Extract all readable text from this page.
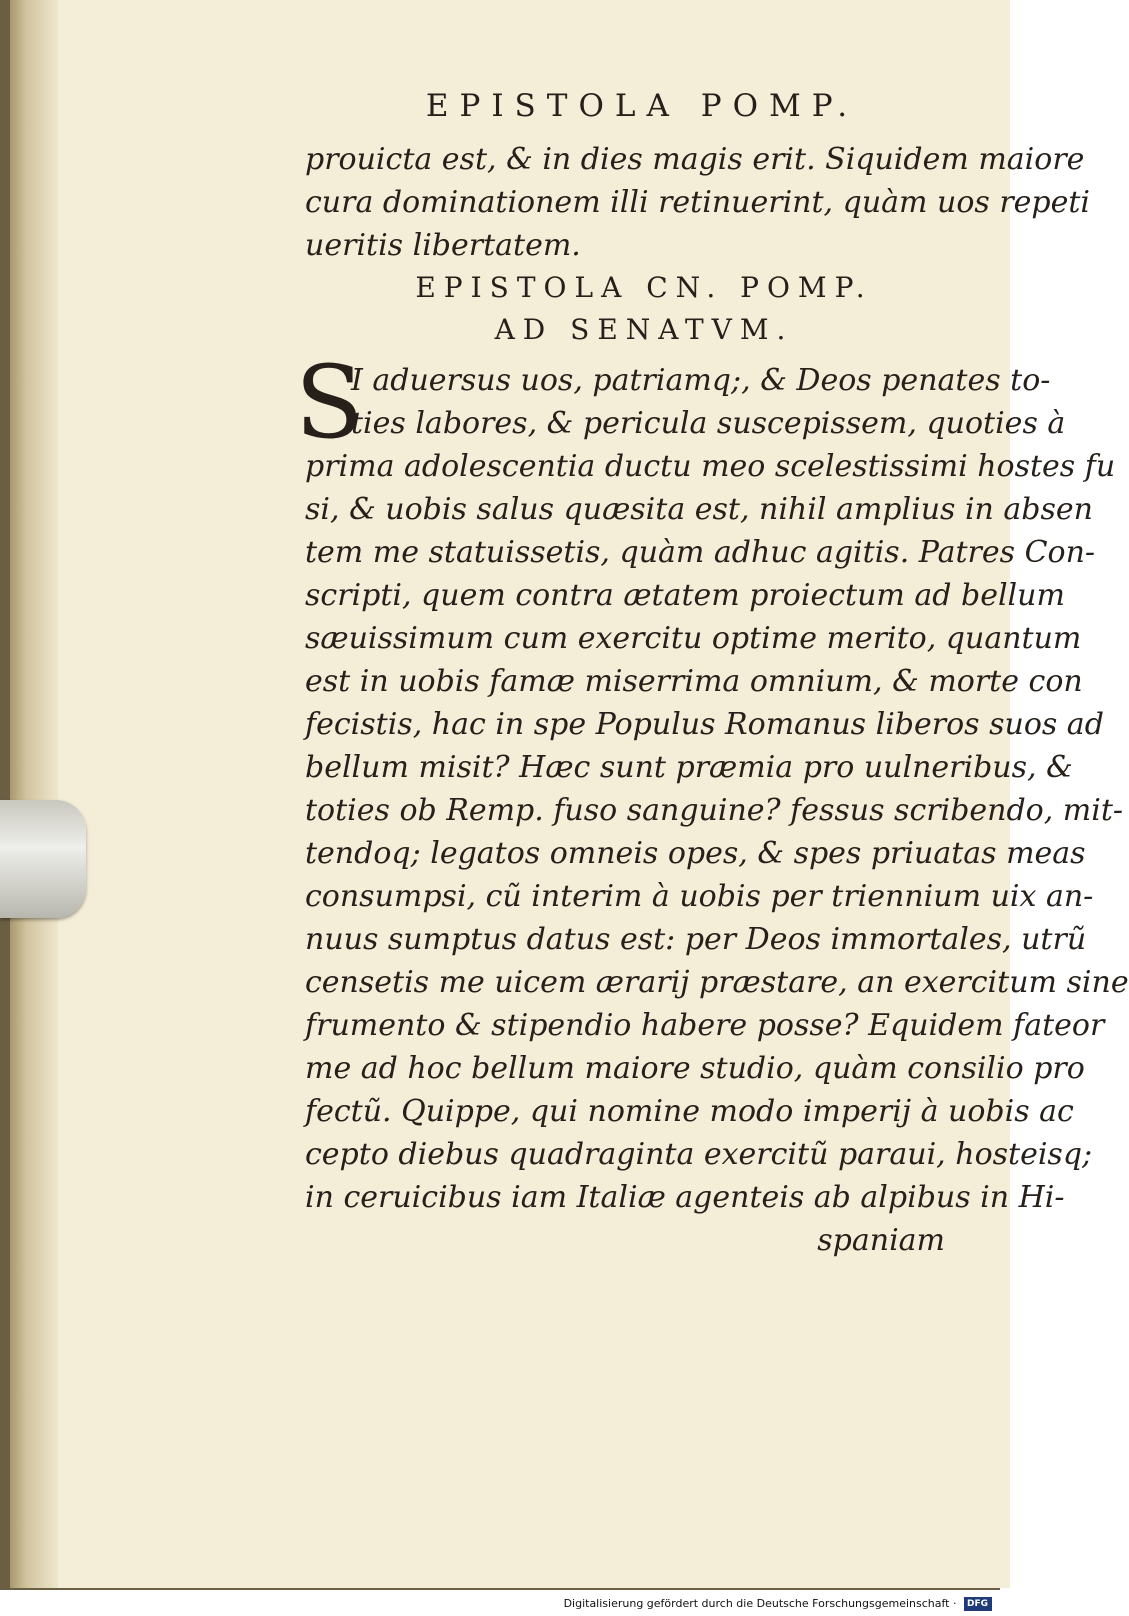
EPISTOLA POMP.
prouicta est, & in dies magis erit. Siquidem maiore
cura dominationem illi retinuerint, quàm uos repeti
ueritis libertatem.
EPISTOLA CN. POMP.
AD SENATVM.
S
I aduersus uos, patriamq;, & Deos penates to-
ties labores, & pericula suscepissem, quoties à
prima adolescentia ductu meo scelestissimi hostes fu
si, & uobis salus quæsita est, nihil amplius in absen
tem me statuissetis, quàm adhuc agitis. Patres Con-
scripti, quem contra ætatem proiectum ad bellum
sæuissimum cum exercitu optime merito, quantum
est in uobis famæ miserrima omnium, & morte con
fecistis, hac in spe Populus Romanus liberos suos ad
bellum misit? Hæc sunt præmia pro uulneribus, &
toties ob Remp. fuso sanguine? fessus scribendo, mit-
tendoq; legatos omneis opes, & spes priuatas meas
consumpsi, cũ interim à uobis per triennium uix an-
nuus sumptus datus est: per Deos immortales, utrũ
censetis me uicem ærarij præstare, an exercitum sine
frumento & stipendio habere posse? Equidem fateor
me ad hoc bellum maiore studio, quàm consilio pro
fectũ. Quippe, qui nomine modo imperij à uobis ac
cepto diebus quadraginta exercitũ paraui, hosteisq;
in ceruicibus iam Italiæ agenteis ab alpibus in Hi-
spaniam
Digitalisierung gefördert durch die Deutsche Forschungsgemeinschaft · DFG
